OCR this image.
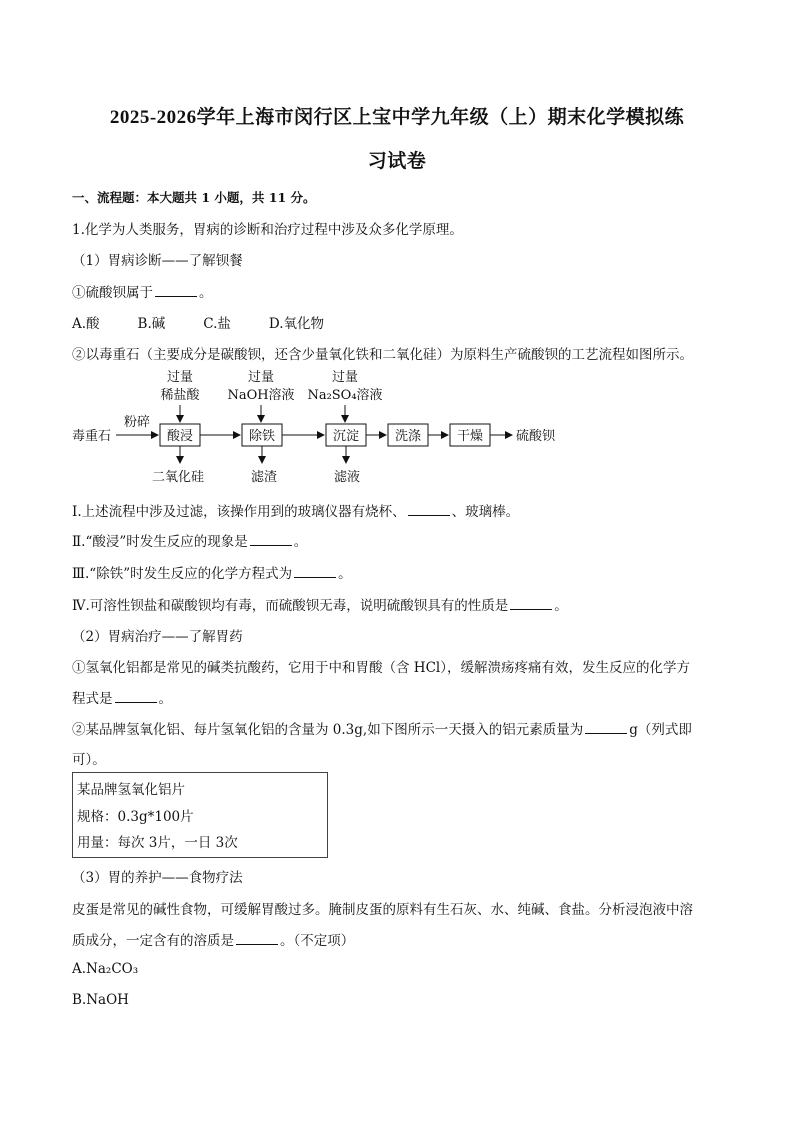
2025-2026学年上海市闵行区上宝中学九年级（上）期末化学模拟练
习试卷
一、流程题：本大题共 1 小题，共 11 分。
1.化学为人类服务，胃病的诊断和治疗过程中涉及众多化学原理。
（1）胃病诊断——了解钡餐
①硫酸钡属于	。
A.酸	B.碱	C.盐	D.氧化物
②以毒重石（主要成分是碳酸钡，还含少量氧化铁和二氧化硅）为原料生产硫酸钡的工艺流程如图所示。
过量
稀盐酸
过量
NaOH溶液
过量
Na₂SO₄溶液
毒重石
粉碎
酸浸	除铁	沉淀	洗涤	干燥	硫酸钡
二氧化硅	滤渣	滤液
Ⅰ.上述流程中涉及过滤，该操作用到的玻璃仪器有烧杯、	、玻璃棒。
Ⅱ.“酸浸”时发生反应的现象是	。
Ⅲ.“除铁”时发生反应的化学方程式为	。
Ⅳ.可溶性钡盐和碳酸钡均有毒，而硫酸钡无毒，说明硫酸钡具有的性质是	。
（2）胃病治疗——了解胃药
①氢氧化铝都是常见的碱类抗酸药，它用于中和胃酸（含 HCl），缓解溃疡疼痛有效，发生反应的化学方
程式是	。
②某品牌氢氧化铝、每片氢氧化铝的含量为 0.3g,如下图所示一天摄入的铝元素质量为	g（列式即
可）。
某品牌氢氧化铝片
规格：0.3g*100片
用量：每次 3片，一日 3次
（3）胃的养护——食物疗法
皮蛋是常见的碱性食物，可缓解胃酸过多。腌制皮蛋的原料有生石灰、水、纯碱、食盐。分析浸泡液中溶
质成分，一定含有的溶质是	。（不定项）
A.Na₂CO₃
B.NaOH
